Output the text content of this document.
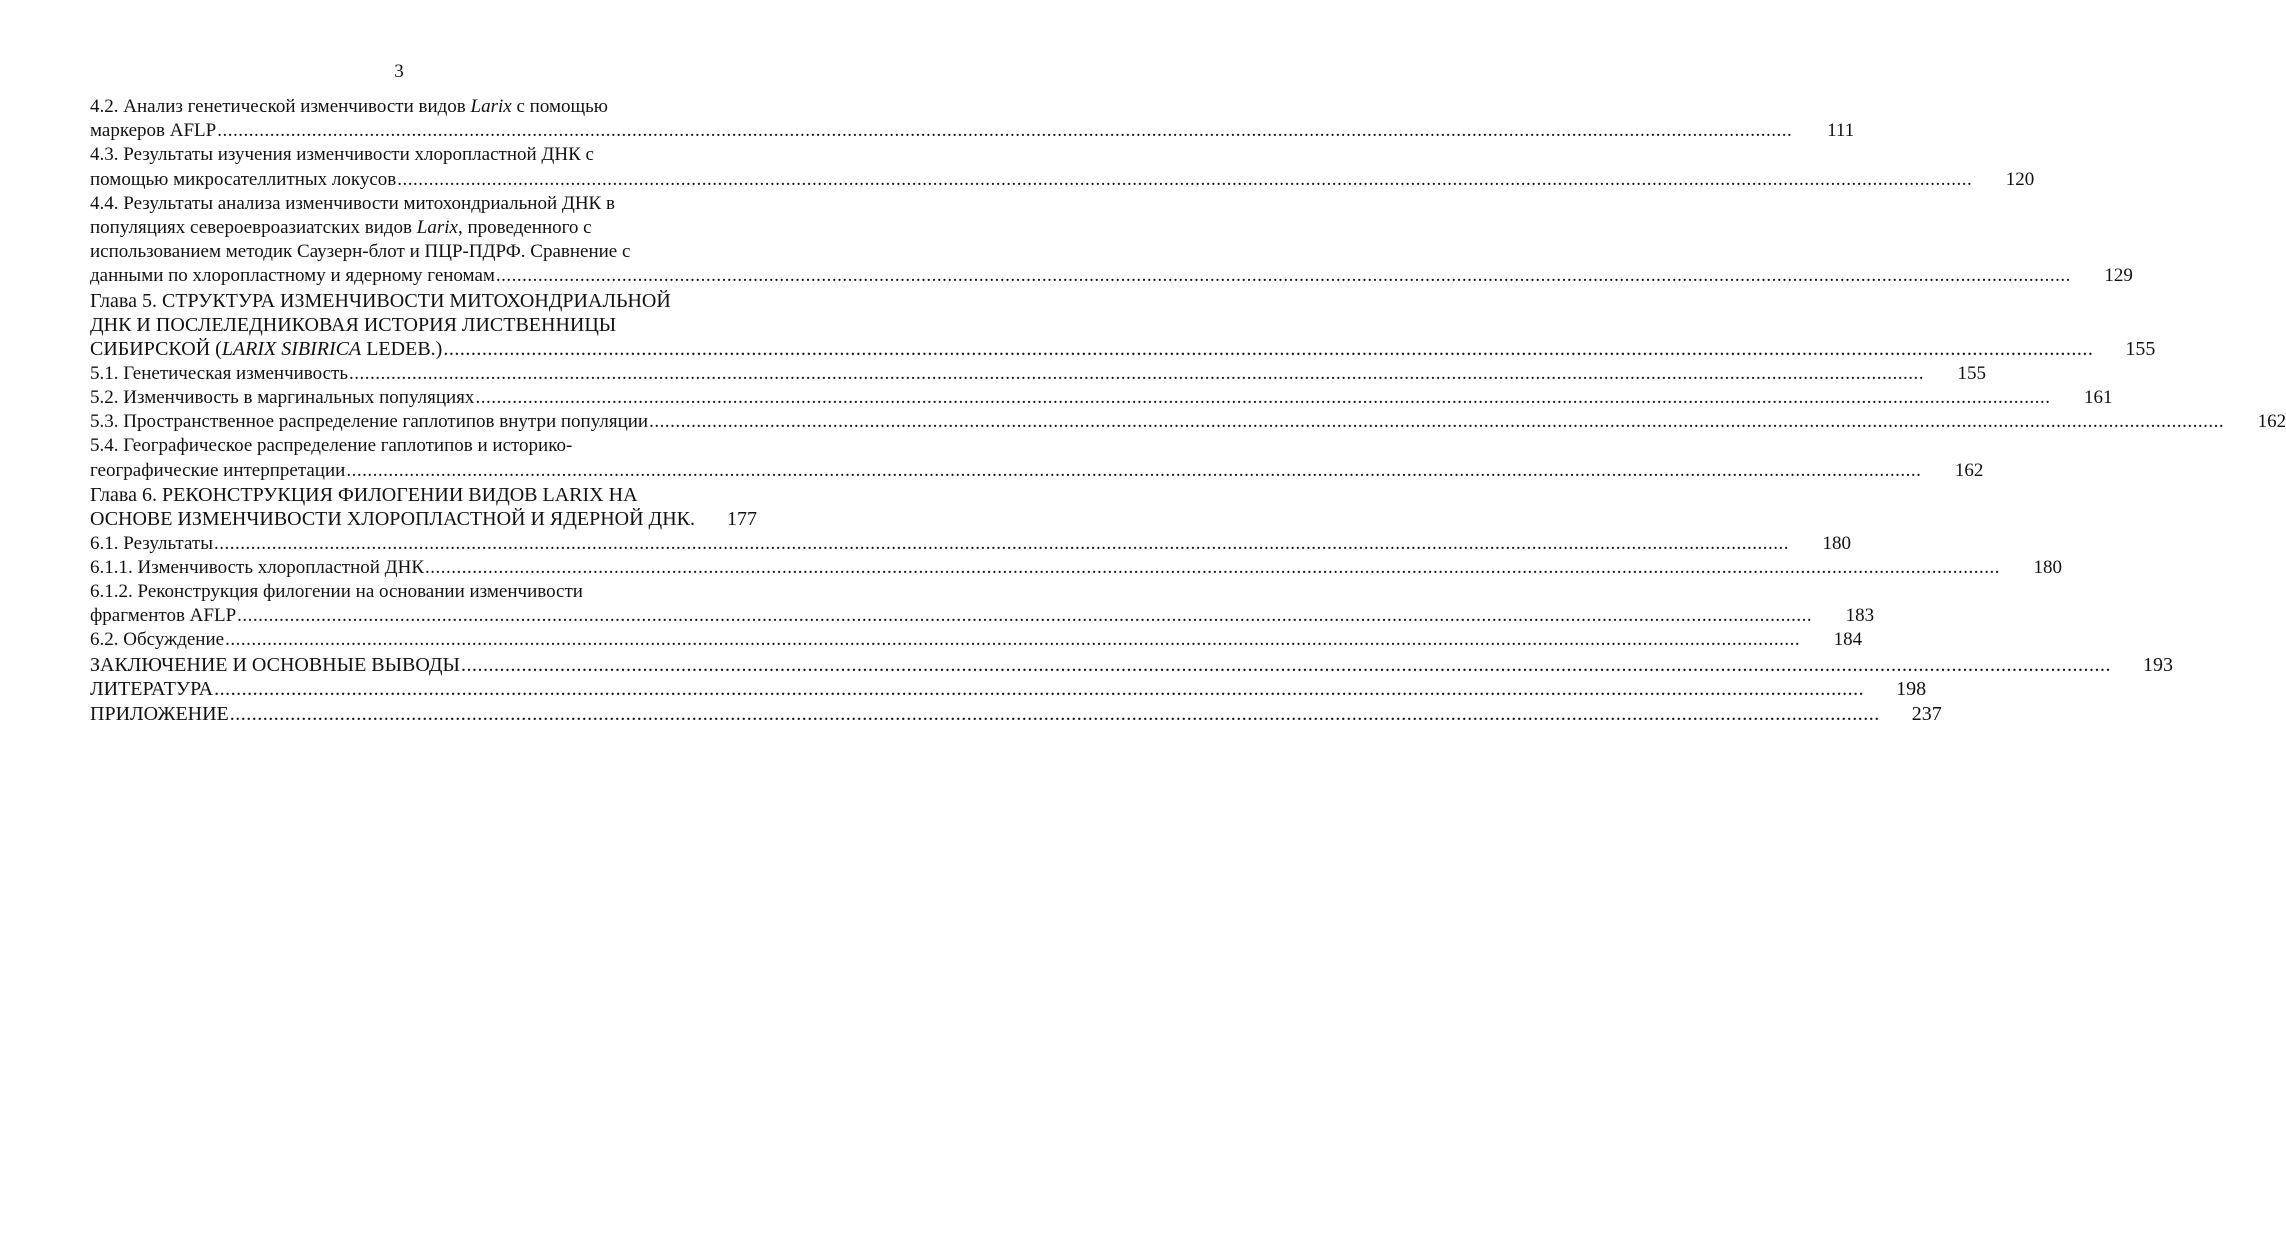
3
4.2. Анализ генетической изменчивости видов Larix с помощью
маркеров AFLP ............................................................................................................................................................................................................................................................................................................	111
4.3. Результаты изучения изменчивости хлоропластной ДНК с
помощью микросателлитных локусов ............................................................................................................................................................................................................................................................................................................	120
4.4. Результаты анализа изменчивости митохондриальной ДНК в
популяциях североевроазиатских видов Larix, проведенного с
использованием методик Саузерн-блот и ПЦР-ПДРФ. Сравнение с
данными по хлоропластному и ядерному геномам ............................................................................................................................................................................................................................................................................................................	129
Глава 5. СТРУКТУРА ИЗМЕНЧИВОСТИ МИТОХОНДРИАЛЬНОЙ
ДНК И ПОСЛЕЛЕДНИКОВАЯ ИСТОРИЯ ЛИСТВЕННИЦЫ
СИБИРСКОЙ (LARIX SIBIRICA LEDEB.) ............................................................................................................................................................................................................................................................................................................	155
5.1. Генетическая изменчивость ............................................................................................................................................................................................................................................................................................................	155
5.2. Изменчивость в маргинальных популяциях ............................................................................................................................................................................................................................................................................................................	161
5.3. Пространственное распределение гаплотипов внутри популяции ............................................................................................................................................................................................................................................................................................................	162
5.4. Географическое распределение гаплотипов и историко-
географические интерпретации ............................................................................................................................................................................................................................................................................................................	162
Глава 6. РЕКОНСТРУКЦИЯ ФИЛОГЕНИИ ВИДОВ LARIX НА
ОСНОВЕ ИЗМЕНЧИВОСТИ ХЛОРОПЛАСТНОЙ И ЯДЕРНОЙ ДНК.	177
6.1. Результаты ............................................................................................................................................................................................................................................................................................................	180
6.1.1. Изменчивость хлоропластной ДНК ............................................................................................................................................................................................................................................................................................................	180
6.1.2. Реконструкция филогении на основании изменчивости
фрагментов AFLP ............................................................................................................................................................................................................................................................................................................	183
6.2. Обсуждение ............................................................................................................................................................................................................................................................................................................	184
ЗАКЛЮЧЕНИЕ И ОСНОВНЫЕ ВЫВОДЫ ............................................................................................................................................................................................................................................................................................................	193
ЛИТЕРАТУРА ............................................................................................................................................................................................................................................................................................................	198
ПРИЛОЖЕНИЕ ............................................................................................................................................................................................................................................................................................................	237
